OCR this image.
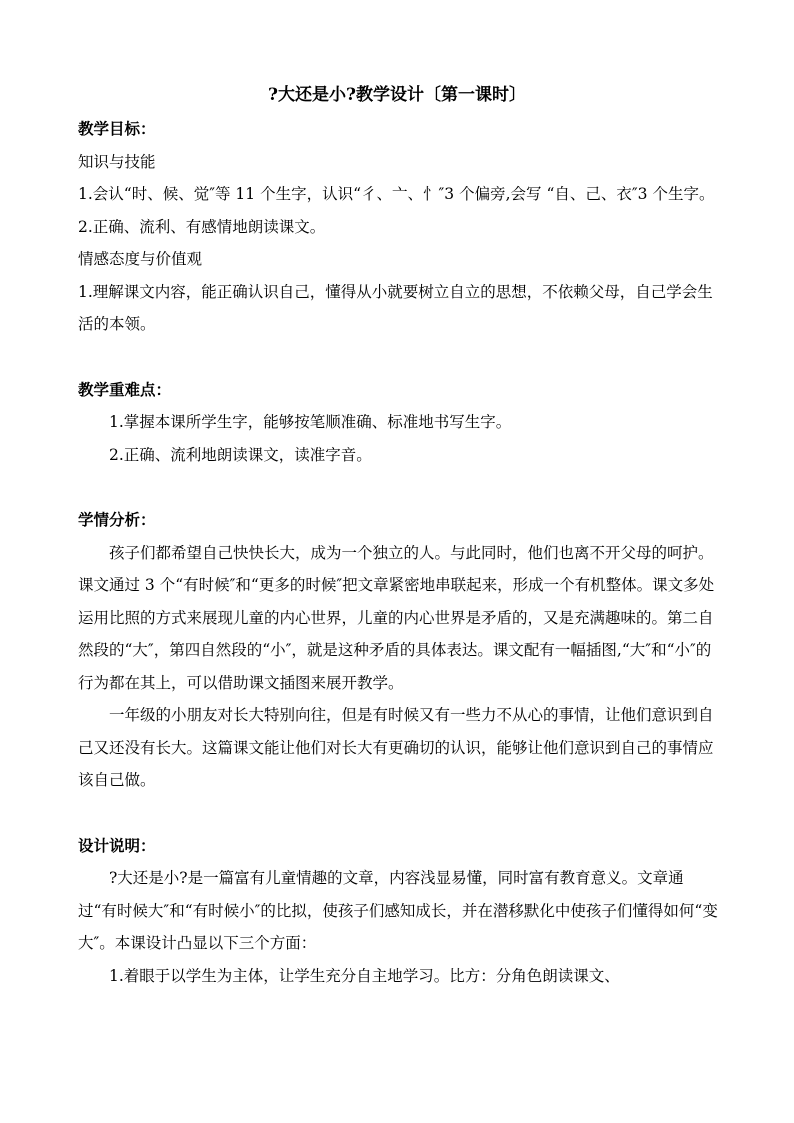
?大还是小?教学设计〔第一课时〕

教学目标：

知识与技能

1.会认“时、候、觉″等 11 个生字，认识“彳、亠、忄″3 个偏旁,会写 “自、己、衣″3 个生字。

2.正确、流利、有感情地朗读课文。

情感态度与价值观

1.理解课文内容，能正确认识自己，懂得从小就要树立自立的思想，不依赖父母，自己学会生活的本领。

教学重难点：

1.掌握本课所学生字，能够按笔顺准确、标准地书写生字。

2.正确、流利地朗读课文，读准字音。

学情分析：

孩子们都希望自己快快长大，成为一个独立的人。与此同时，他们也离不开父母的呵护。课文通过 3 个“有时候″和“更多的时候″把文章紧密地串联起来，形成一个有机整体。课文多处运用比照的方式来展现儿童的内心世界，儿童的内心世界是矛盾的，又是充满趣味的。第二自然段的“大″，第四自然段的“小″，就是这种矛盾的具体表达。课文配有一幅插图,“大″和“小″的行为都在其上，可以借助课文插图来展开教学。

一年级的小朋友对长大特别向往，但是有时候又有一些力不从心的事情，让他们意识到自己又还没有长大。这篇课文能让他们对长大有更确切的认识，能够让他们意识到自己的事情应该自己做。

设计说明：

?大还是小?是一篇富有儿童情趣的文章，内容浅显易懂，同时富有教育意义。文章通过“有时候大″和“有时候小″的比拟，使孩子们感知成长，并在潜移默化中使孩子们懂得如何“变大″。本课设计凸显以下三个方面：

1.着眼于以学生为主体，让学生充分自主地学习。比方：分角色朗读课文、
